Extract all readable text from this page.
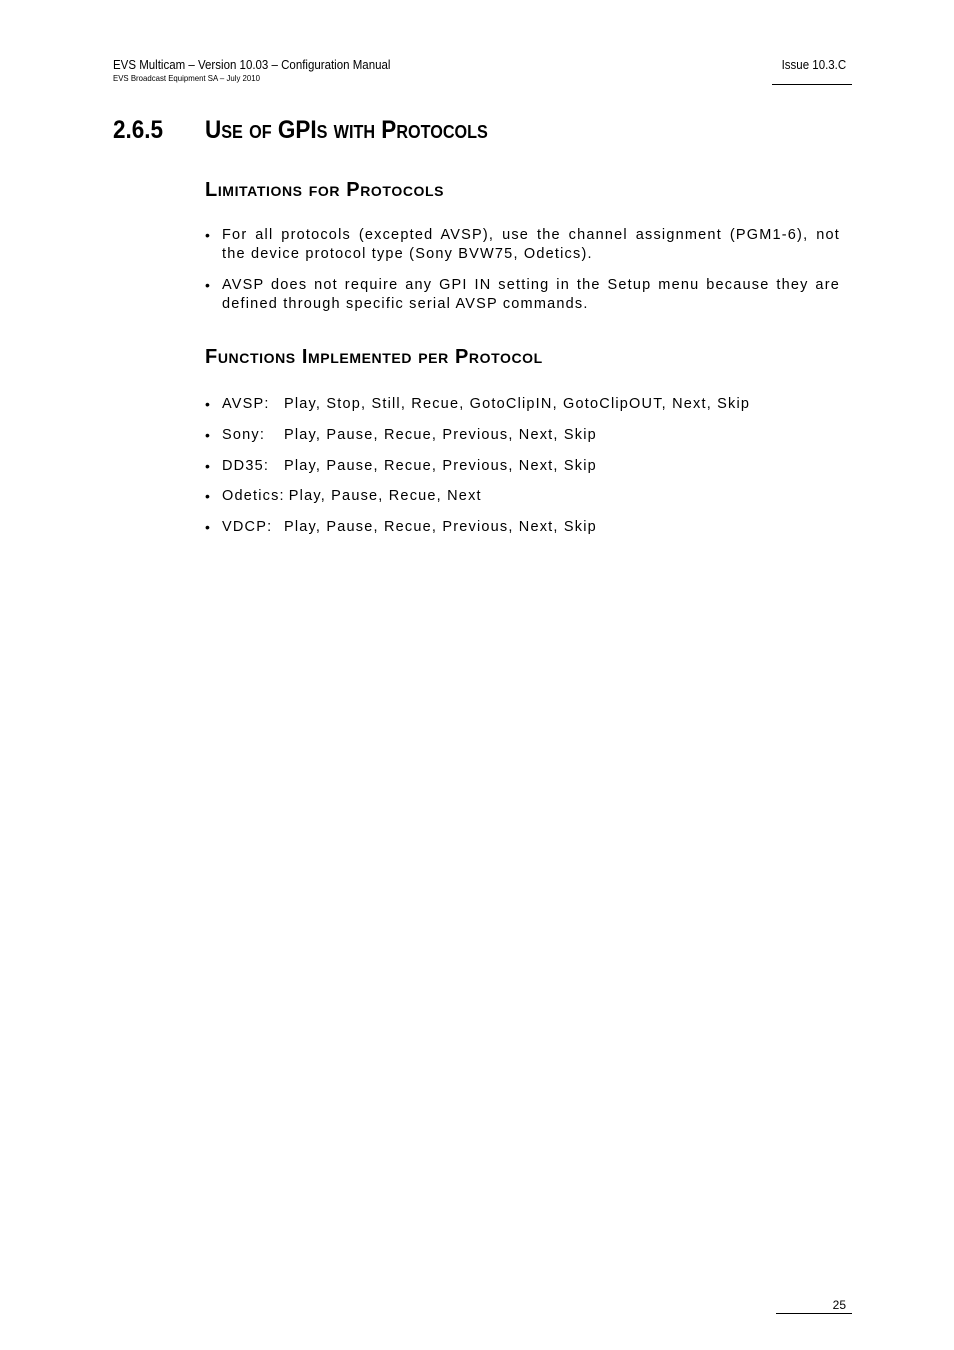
EVS Multicam – Version 10.03 – Configuration Manual
EVS Broadcast Equipment SA – July 2010
Issue 10.3.C
2.6.5 Use of GPIs with Protocols
Limitations for Protocols
• For all protocols (excepted AVSP), use the channel assignment (PGM1-6), not the device protocol type (Sony BVW75, Odetics).
• AVSP does not require any GPI IN setting in the Setup menu because they are defined through specific serial AVSP commands.
Functions Implemented per Protocol
• AVSP: Play, Stop, Still, Recue, GotoClipIN, GotoClipOUT, Next, Skip
• Sony: Play, Pause, Recue, Previous, Next, Skip
• DD35: Play, Pause, Recue, Previous, Next, Skip
• Odetics: Play, Pause, Recue, Next
• VDCP: Play, Pause, Recue, Previous, Next, Skip
25
